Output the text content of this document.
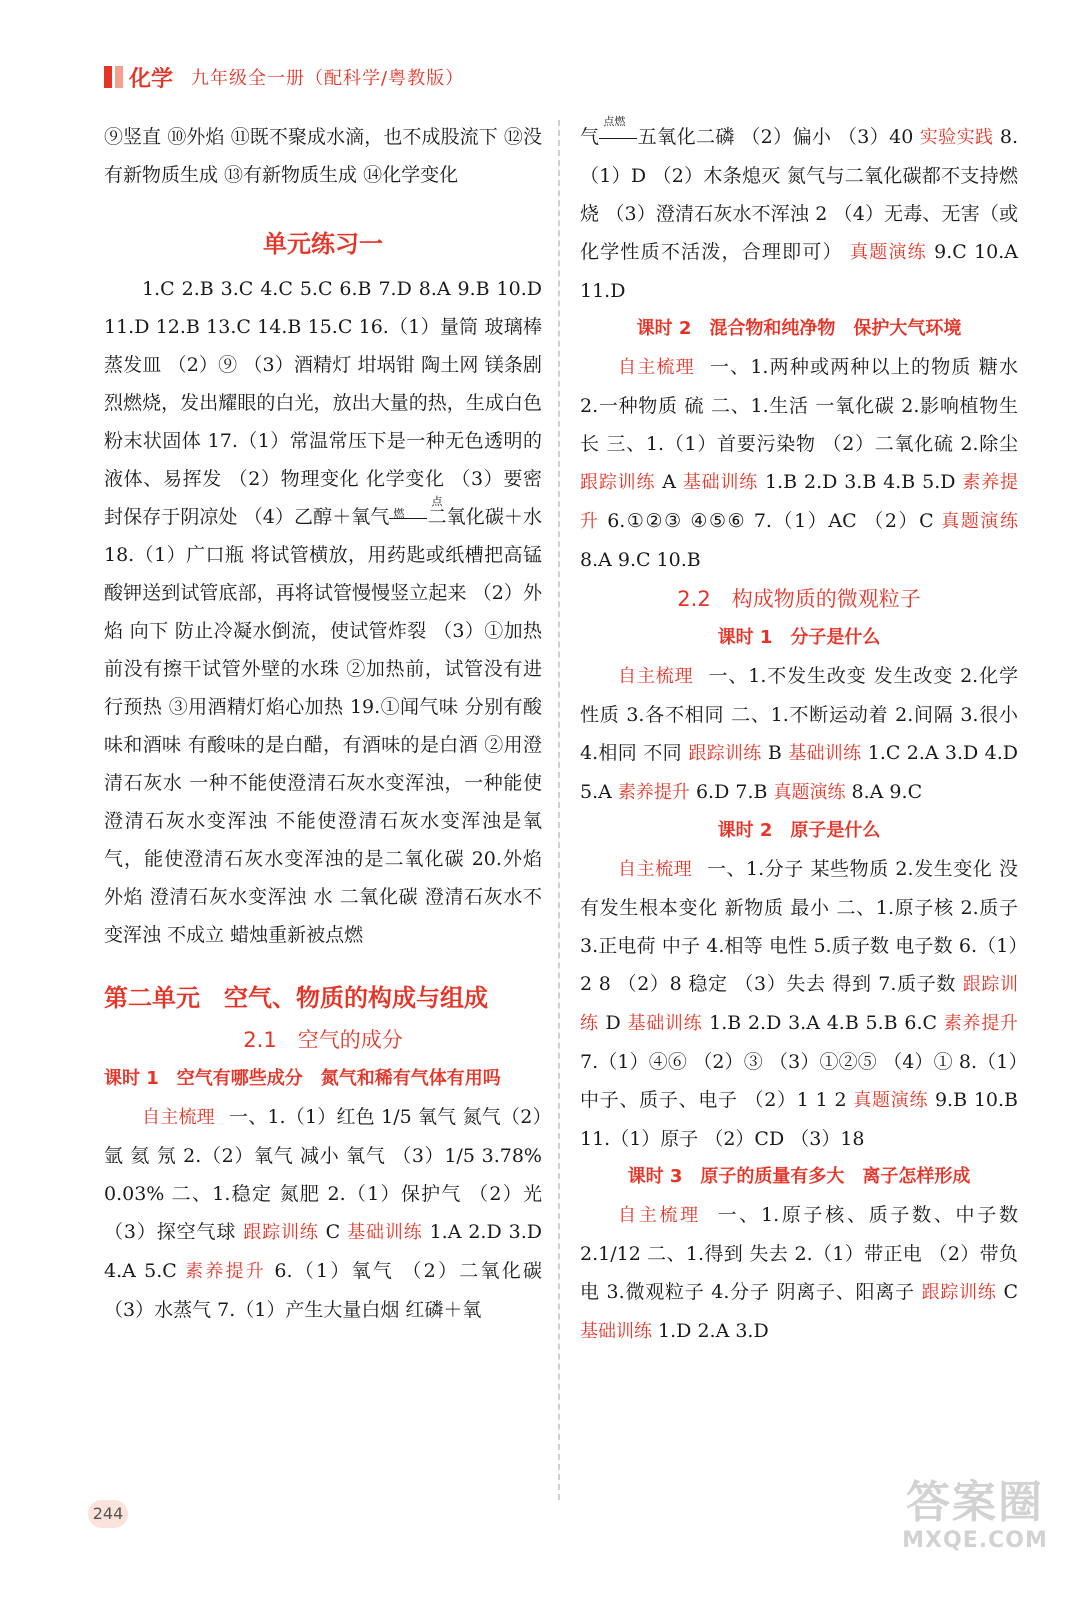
化学 九年级全一册（配科学/粤教版）

⑨竖直 ⑩外焰 ⑪既不聚成水滴，也不成股流下 ⑫没有新物质生成 ⑬有新物质生成 ⑭化学变化

单元练习一

1.C 2.B 3.C 4.C 5.C 6.B 7.D 8.A 9.B 10.D 11.D 12.B 13.C 14.B 15.C 16.（1）量筒 玻璃棒 蒸发皿 （2）⑨ （3）酒精灯 坩埚钳 陶土网 镁条剧烈燃烧，发出耀眼的白光，放出大量的热，生成白色粉末状固体 17.（1）常温常压下是一种无色透明的液体、易挥发 （2）物理变化 化学变化 （3）要密封保存于阴凉处 （4）乙醇＋氧气
点燃	二氧化碳＋水 18.（1）广口瓶 将试管横放，用药匙或纸槽把高锰酸钾送到试管底部，再将试管慢慢竖立起来 （2）外焰 向下 防止冷凝水倒流，使试管炸裂 （3）①加热前没有擦干试管外壁的水珠 ②加热前，试管没有进行预热 ③用酒精灯焰心加热 19.①闻气味 分别有酸味和酒味 有酸味的是白醋，有酒味的是白酒 ②用澄清石灰水 一种不能使澄清石灰水变浑浊，一种能使澄清石灰水变浑浊 不能使澄清石灰水变浑浊是氧气，能使澄清石灰水变浑浊的是二氧化碳 20.外焰 外焰 澄清石灰水变浑浊 水 二氧化碳 澄清石灰水不变浑浊 不成立 蜡烛重新被点燃

第二单元　空气、物质的构成与组成
2.1　空气的成分
课时 1　空气有哪些成分　氮气和稀有气体有用吗

自主梳理 一、1.（1）红色 1/5 氧气 氮气（2）氩 氦 氖 2.（2）氧气 减小 氧气 （3）1/5 3.78% 0.03% 二、1.稳定 氮肥 2.（1）保护气 （2）光 （3）探空气球 跟踪训练 C 基础训练 1.A 2.D 3.D 4.A 5.C 素养提升 6.（1）氧气 （2）二氧化碳 （3）水蒸气 7.（1）产生大量白烟 红磷＋氧

气
点燃
五氧化二磷 （2）偏小 （3）40 实验实践 8.（1）D （2）木条熄灭 氮气与二氧化碳都不支持燃烧 （3）澄清石灰水不浑浊 2 （4）无毒、无害（或化学性质不活泼，合理即可） 真题演练 9.C 10.A 11.D

课时 2　混合物和纯净物　保护大气环境

自主梳理 一、1.两种或两种以上的物质 糖水 2.一种物质 硫 二、1.生活 一氧化碳 2.影响植物生长 三、1.（1）首要污染物 （2）二氧化硫 2.除尘 跟踪训练 A 基础训练 1.B 2.D 3.B 4.B 5.D 素养提升 6.①②③ ④⑤⑥ 7.（1）AC （2）C 真题演练 8.A 9.C 10.B

2.2　构成物质的微观粒子
课时 1　分子是什么

自主梳理 一、1.不发生改变 发生改变 2.化学性质 3.各不相同 二、1.不断运动着 2.间隔 3.很小 4.相同 不同 跟踪训练 B 基础训练 1.C 2.A 3.D 4.D 5.A 素养提升 6.D 7.B 真题演练 8.A 9.C

课时 2　原子是什么

自主梳理 一、1.分子 某些物质 2.发生变化 没有发生根本变化 新物质 最小 二、1.原子核 2.质子 3.正电荷 中子 4.相等 电性 5.质子数 电子数 6.（1）2 8 （2）8 稳定 （3）失去 得到 7.质子数 跟踪训练 D 基础训练 1.B 2.D 3.A 4.B 5.B 6.C 素养提升 7.（1）④⑥ （2）③ （3）①②⑤ （4）① 8.（1）中子、质子、电子 （2）1 1 2 真题演练 9.B 10.B 11.（1）原子 （2）CD （3）18

课时 3　原子的质量有多大　离子怎样形成

自主梳理 一、1.原子核、质子数、中子数 2.1/12 二、1.得到 失去 2.（1）带正电 （2）带负电 3.微观粒子 4.分子 阴离子、阳离子 跟踪训练 C 基础训练 1.D 2.A 3.D

244	答案圈
MXQE.COM
